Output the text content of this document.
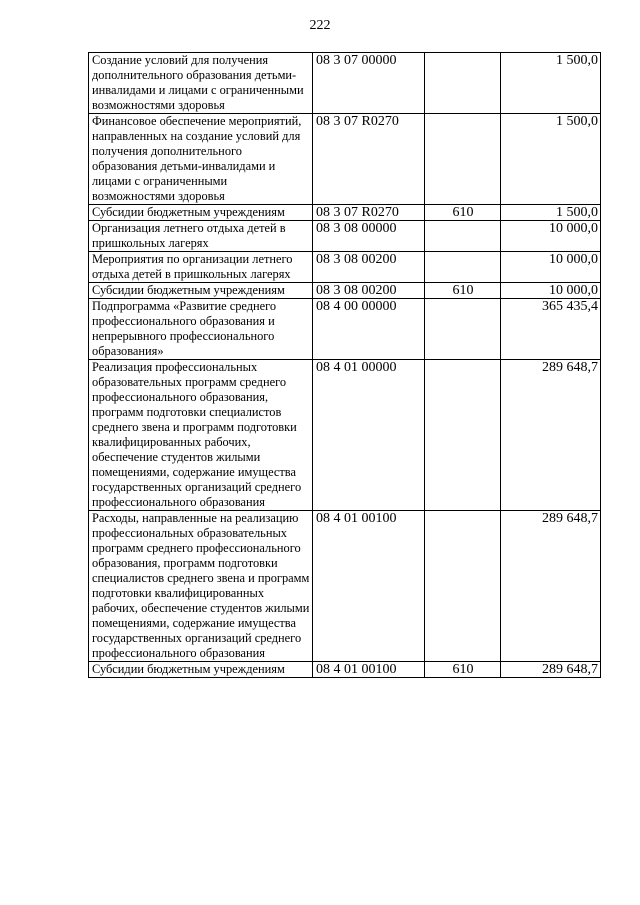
222
Создание условий для получения дополнительного образования детьми-инвалидами и лицами с ограниченными возможностями здоровья	08 3 07 00000		1 500,0
Финансовое обеспечение мероприятий, направленных на создание условий для получения дополнительного образования детьми-инвалидами и лицами с ограниченными возможностями здоровья	08 3 07 R0270		1 500,0
Субсидии бюджетным учреждениям	08 3 07 R0270	610	1 500,0
Организация летнего отдыха детей в пришкольных лагерях	08 3 08 00000		10 000,0
Мероприятия по организации летнего отдыха детей в пришкольных лагерях	08 3 08 00200		10 000,0
Субсидии бюджетным учреждениям	08 3 08 00200	610	10 000,0
Подпрограмма «Развитие среднего профессионального образования и непрерывного профессионального образования»	08 4 00 00000		365 435,4
Реализация профессиональных образовательных программ среднего профессионального образования, программ подготовки специалистов среднего звена и программ подготовки квалифицированных рабочих, обеспечение студентов жилыми помещениями, содержание имущества государственных организаций среднего профессионального образования	08 4 01 00000		289 648,7
Расходы, направленные на реализацию профессиональных образовательных программ среднего профессионального образования, программ подготовки специалистов среднего звена и программ подготовки квалифицированных рабочих, обеспечение студентов жилыми помещениями, содержание имущества государственных организаций среднего профессионального образования	08 4 01 00100		289 648,7
Субсидии бюджетным учреждениям	08 4 01 00100	610	289 648,7
